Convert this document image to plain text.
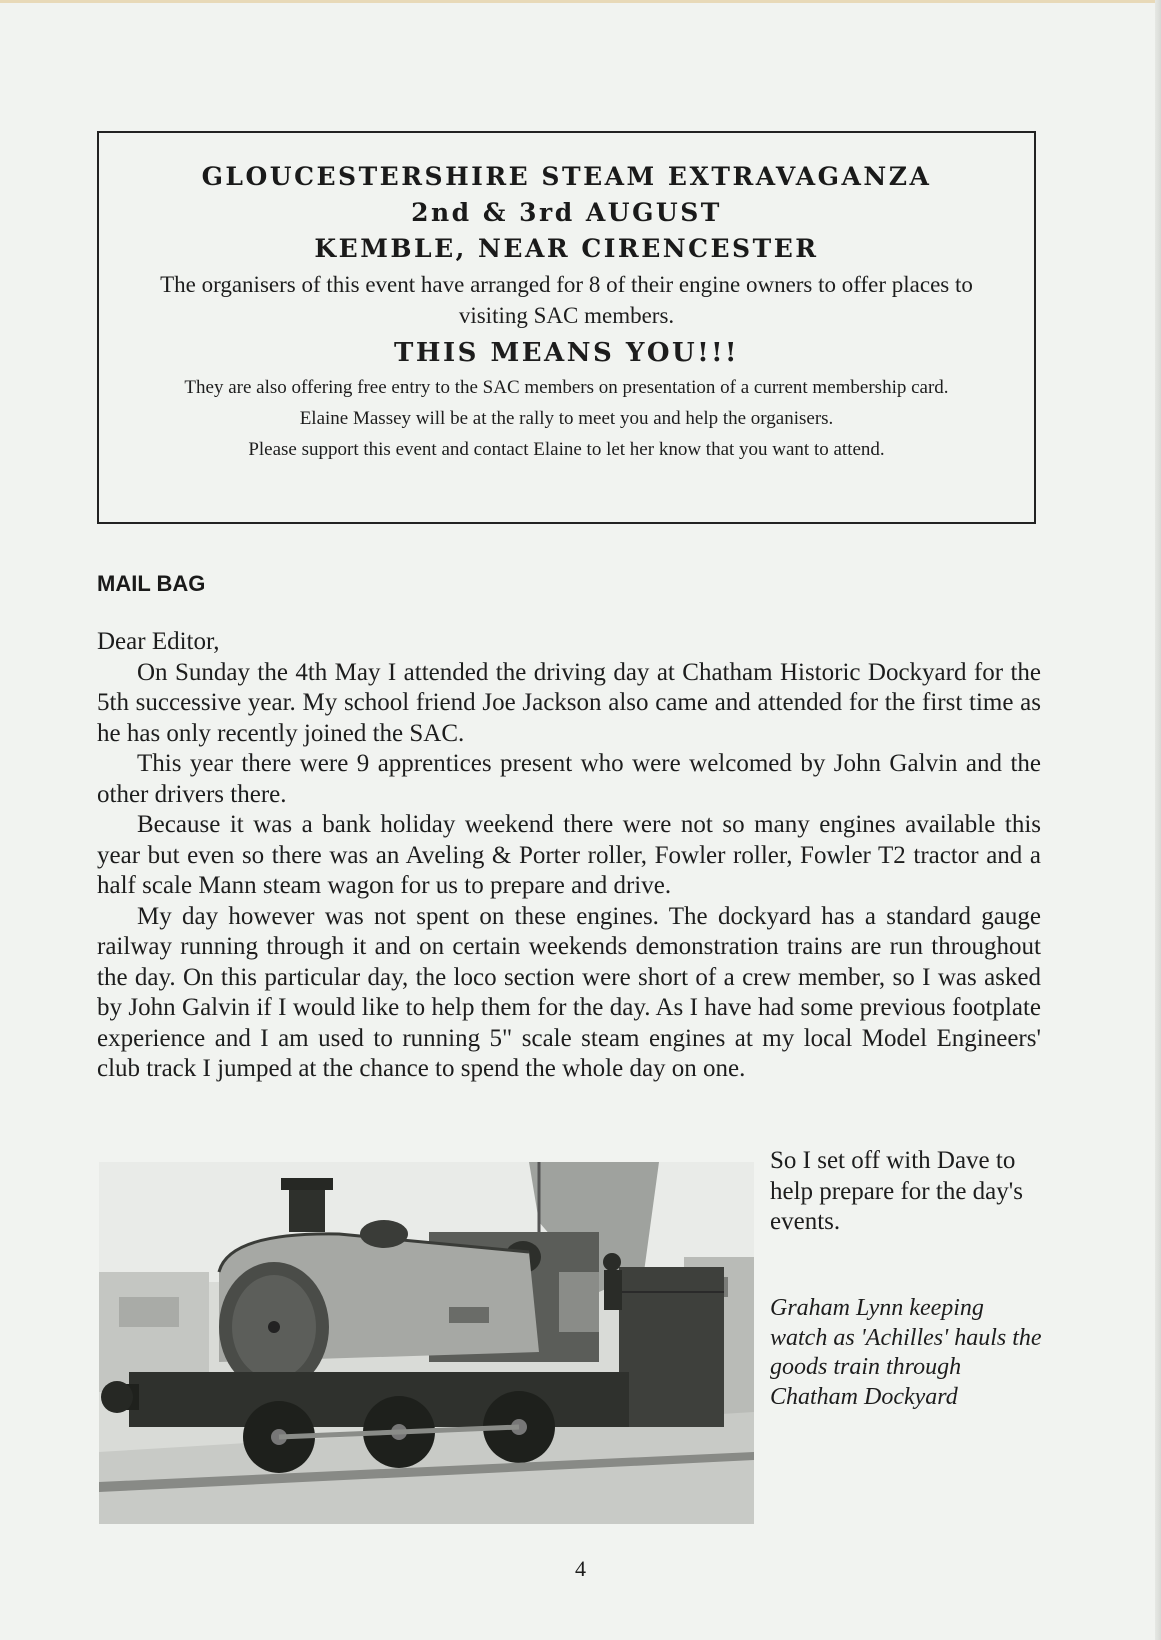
GLOUCESTERSHIRE STEAM EXTRAVAGANZA
2nd & 3rd AUGUST
KEMBLE, NEAR CIRENCESTER
The organisers of this event have arranged for 8 of their engine owners to offer places to visiting SAC members.
THIS MEANS YOU!!!
They are also offering free entry to the SAC members on presentation of a current membership card.
Elaine Massey will be at the rally to meet you and help the organisers.
Please support this event and contact Elaine to let her know that you want to attend.
MAIL BAG

Dear Editor,

On Sunday the 4th May I attended the driving day at Chatham Historic Dockyard for the 5th successive year. My school friend Joe Jackson also came and attended for the first time as he has only recently joined the SAC.

This year there were 9 apprentices present who were welcomed by John Galvin and the other drivers there.

Because it was a bank holiday weekend there were not so many engines available this year but even so there was an Aveling & Porter roller, Fowler roller, Fowler T2 tractor and a half scale Mann steam wagon for us to prepare and drive.

My day however was not spent on these engines. The dockyard has a standard gauge railway running through it and on certain weekends demonstration trains are run throughout the day. On this particular day, the loco section were short of a crew member, so I was asked by John Galvin if I would like to help them for the day. As I have had some previous footplate experience and I am used to running 5" scale steam engines at my local Model Engineers' club track I jumped at the chance to spend the whole day on one.

So I set off with Dave to help prepare for the day's events.
Graham Lynn keeping watch as 'Achilles' hauls the goods train through Chatham Dockyard
4
